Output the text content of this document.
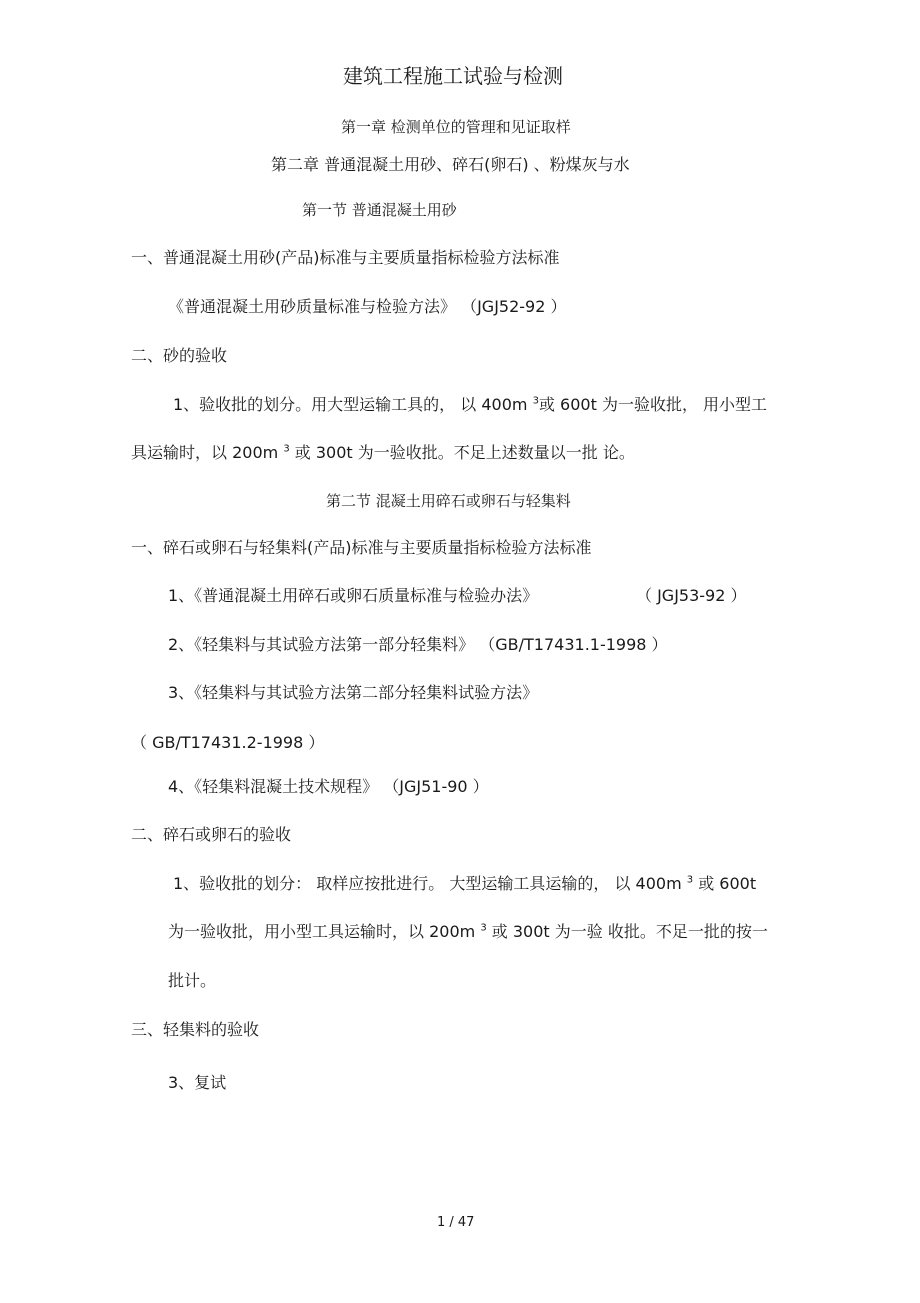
建筑工程施工试验与检测
第一章 检测单位的管理和见证取样
第二章 普通混凝土用砂、碎石(卵石) 、粉煤灰与水
第一节 普通混凝土用砂
一、普通混凝土用砂(产品)标准与主要质量指标检验方法标准
《普通混凝土用砂质量标准与检验方法》 （JGJ52-92 ）
二、砂的验收
1、验收批的划分。用大型运输工具的， 以 400m $^3$或 600t 为一验收批， 用小型工
具运输时，以 200m $^3$ 或 300t 为一验收批。不足上述数量以一批 论。
第二节 混凝土用碎石或卵石与轻集料
一、碎石或卵石与轻集料(产品)标准与主要质量指标检验方法标准
1、《普通混凝土用碎石或卵石质量标准与检验办法》	（ JGJ53-92 ）
2、《轻集料与其试验方法第一部分轻集料》 （GB/T17431.1-1998 ）
3、《轻集料与其试验方法第二部分轻集料试验方法》
（ GB/T17431.2-1998 ）
4、《轻集料混凝土技术规程》 （JGJ51-90 ）
二、碎石或卵石的验收
1、验收批的划分： 取样应按批进行。 大型运输工具运输的， 以 400m $^3$ 或 600t
为一验收批，用小型工具运输时，以 200m $^3$ 或 300t 为一验 收批。不足一批的按一
批计。
三、轻集料的验收
3、复试
1 / 47
